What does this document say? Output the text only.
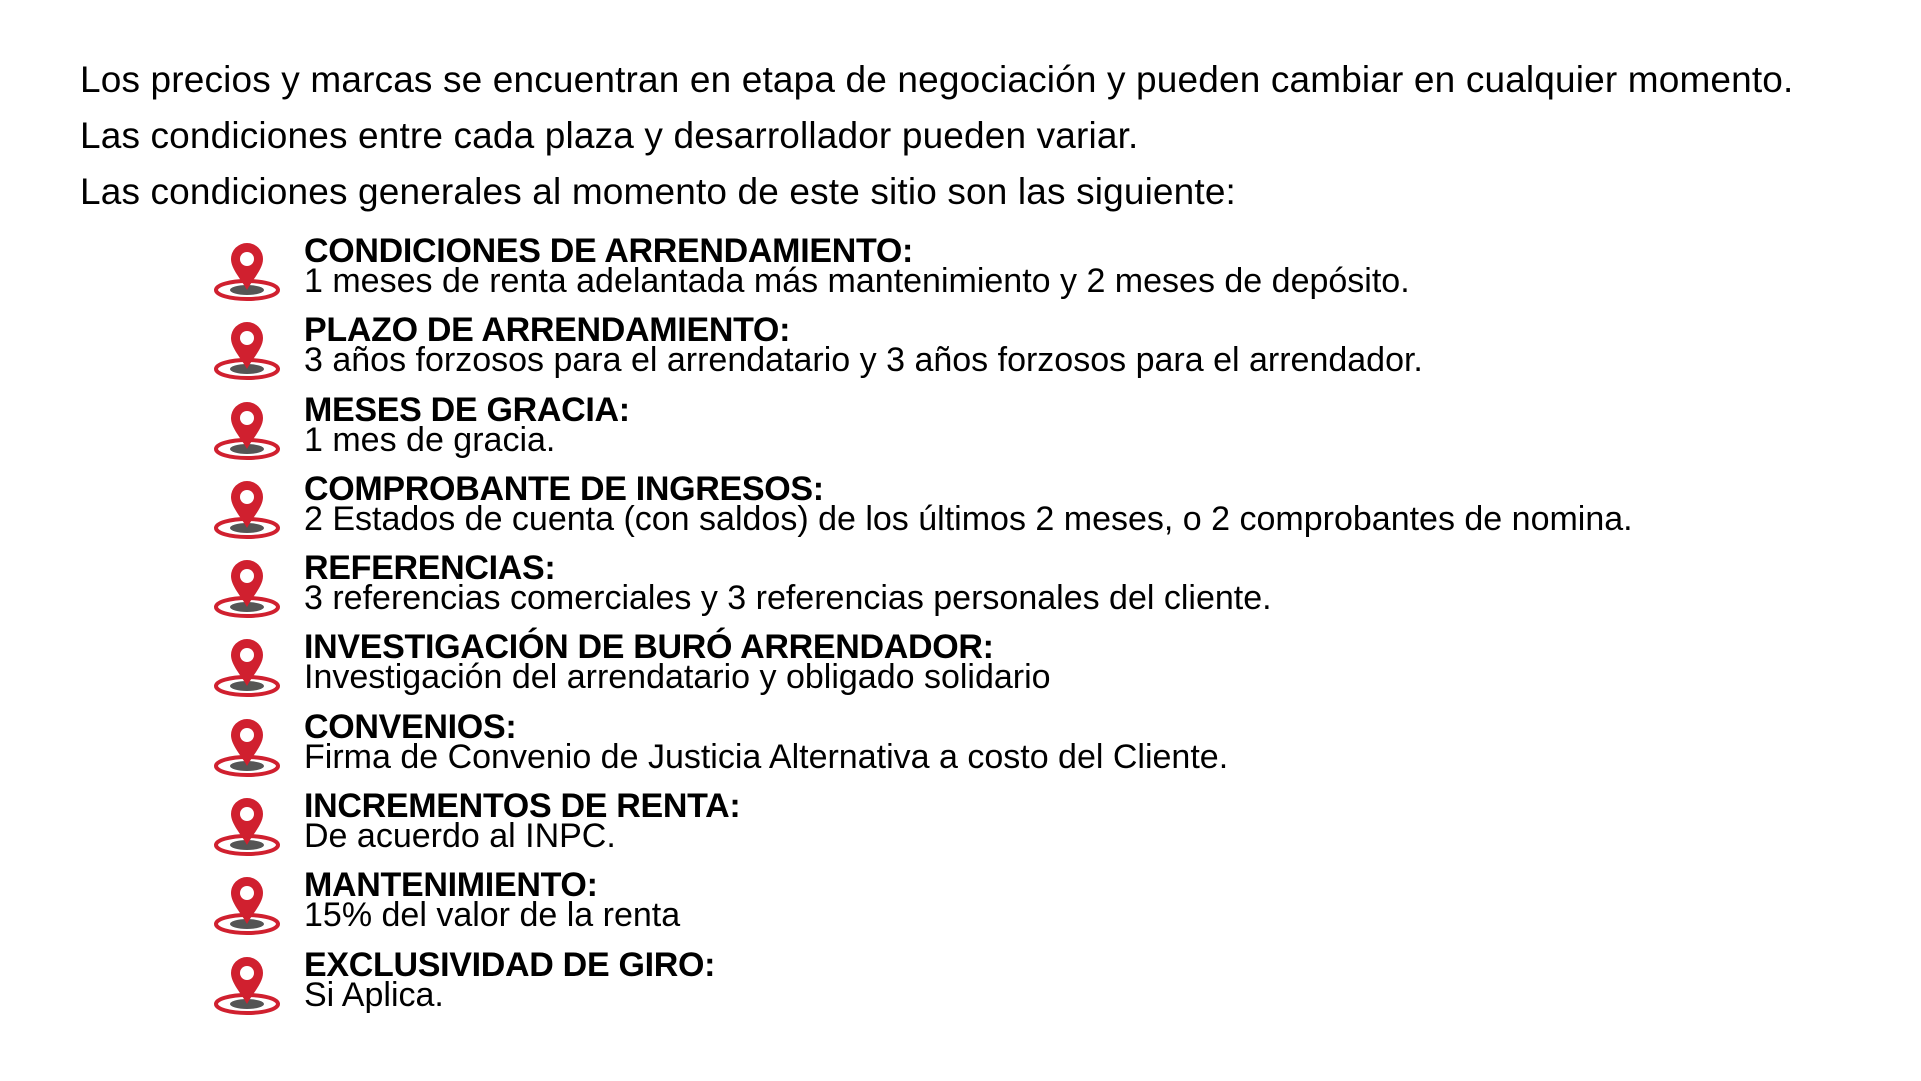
Los precios y marcas se encuentran en etapa de negociación y pueden cambiar en cualquier momento.

Las condiciones entre cada plaza y desarrollador pueden variar.

Las condiciones generales al momento de este sitio son las siguiente:

CONDICIONES DE ARRENDAMIENTO:
1 meses de renta adelantada más mantenimiento y 2 meses de depósito.
PLAZO DE ARRENDAMIENTO:
3 años forzosos para el arrendatario y 3 años forzosos para el arrendador.
MESES DE GRACIA:
1 mes de gracia.
COMPROBANTE DE INGRESOS:
2 Estados de cuenta (con saldos) de los últimos 2 meses, o 2 comprobantes de nomina.
REFERENCIAS:
3 referencias comerciales y 3 referencias personales del cliente.
INVESTIGACIÓN DE BURÓ ARRENDADOR:
Investigación del arrendatario y obligado solidario
CONVENIOS:
Firma de Convenio de Justicia Alternativa a costo del Cliente.
INCREMENTOS DE RENTA:
De acuerdo al INPC.
MANTENIMIENTO:
15% del valor de la renta
EXCLUSIVIDAD DE GIRO:
Si Aplica.
